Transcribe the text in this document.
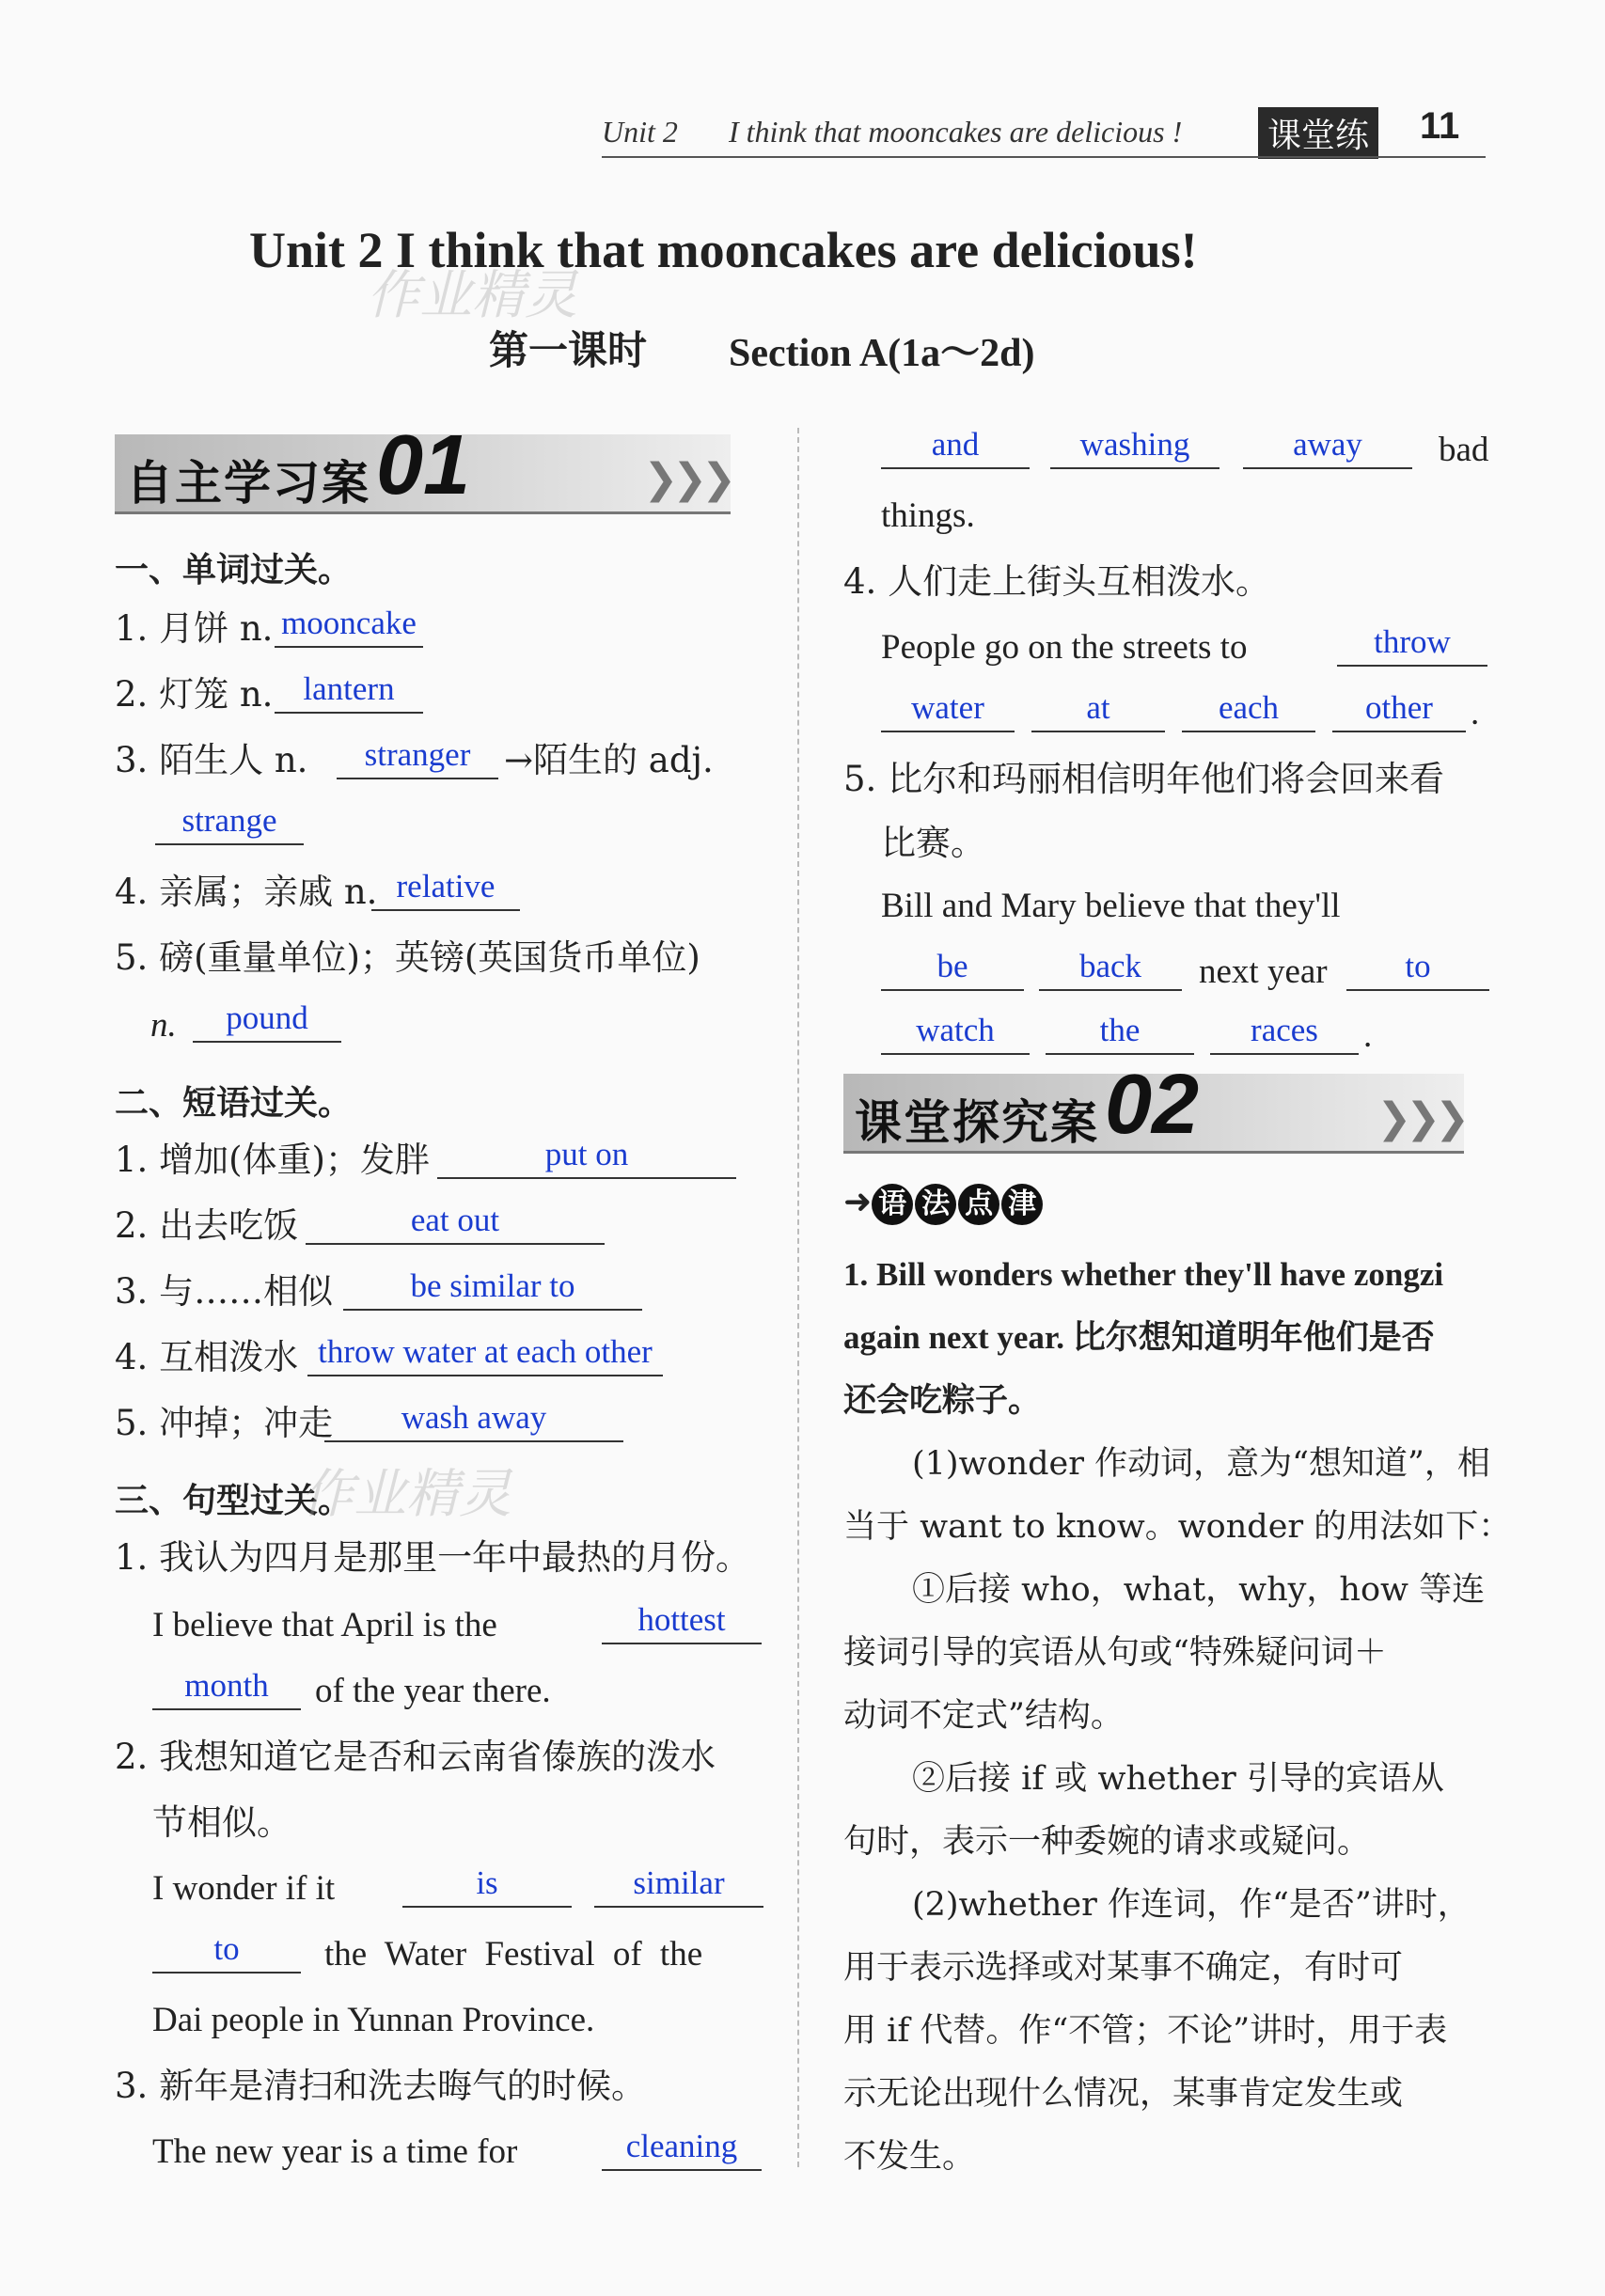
Unit 2 I think that mooncakes are delicious !	课堂练 11
Unit 2 I think that mooncakes are delicious!
作业精灵
第一课时 Section A(1a～2d)
自主学习案 01	❯❯❯
一、单词过关。
1. 月饼 n. mooncake
2. 灯笼 n. lantern
3. 陌生人 n.	stranger →陌生的 adj.
strange
4. 亲属；亲戚 n. relative
5. 磅(重量单位)；英镑(英国货币单位)
n.	pound
二、短语过关。
1. 增加(体重)；发胖	put on
2. 出去吃饭	eat out
3. 与……相似	be similar to
4. 互相泼水 throw water at each other
5. 冲掉；冲走	wash away
三、句型过关。
作业精灵
1. 我认为四月是那里一年中最热的月份。
I believe that April is the	hottest
month	of the year there.
2. 我想知道它是否和云南省傣族的泼水
节相似。
I wonder if it	is	similar
to	the Water Festival of the
Dai people in Yunnan Province.
3. 新年是清扫和洗去晦气的时候。
The new year is a time for	cleaning
and	washing	away	bad
things.
4. 人们走上街头互相泼水。
People go on the streets to	throw
water	at	each	other	.
5. 比尔和玛丽相信明年他们将会回来看
比赛。
Bill and Mary believe that they'll
be	back	next year	to
watch	the	races	.
课堂探究案 02	❯❯❯
➜ 语 法 点 津
1. Bill wonders whether they'll have zongzi
again next year. 比尔想知道明年他们是否
还会吃粽子。
(1)wonder 作动词，意为“想知道”，相
当于 want to know。wonder 的用法如下：
①后接 who，what，why，how 等连
接词引导的宾语从句或“特殊疑问词＋
动词不定式”结构。
②后接 if 或 whether 引导的宾语从
句时，表示一种委婉的请求或疑问。
(2)whether 作连词，作“是否”讲时，
用于表示选择或对某事不确定，有时可
用 if 代替。作“不管；不论”讲时，用于表
示无论出现什么情况，某事肯定发生或
不发生。
